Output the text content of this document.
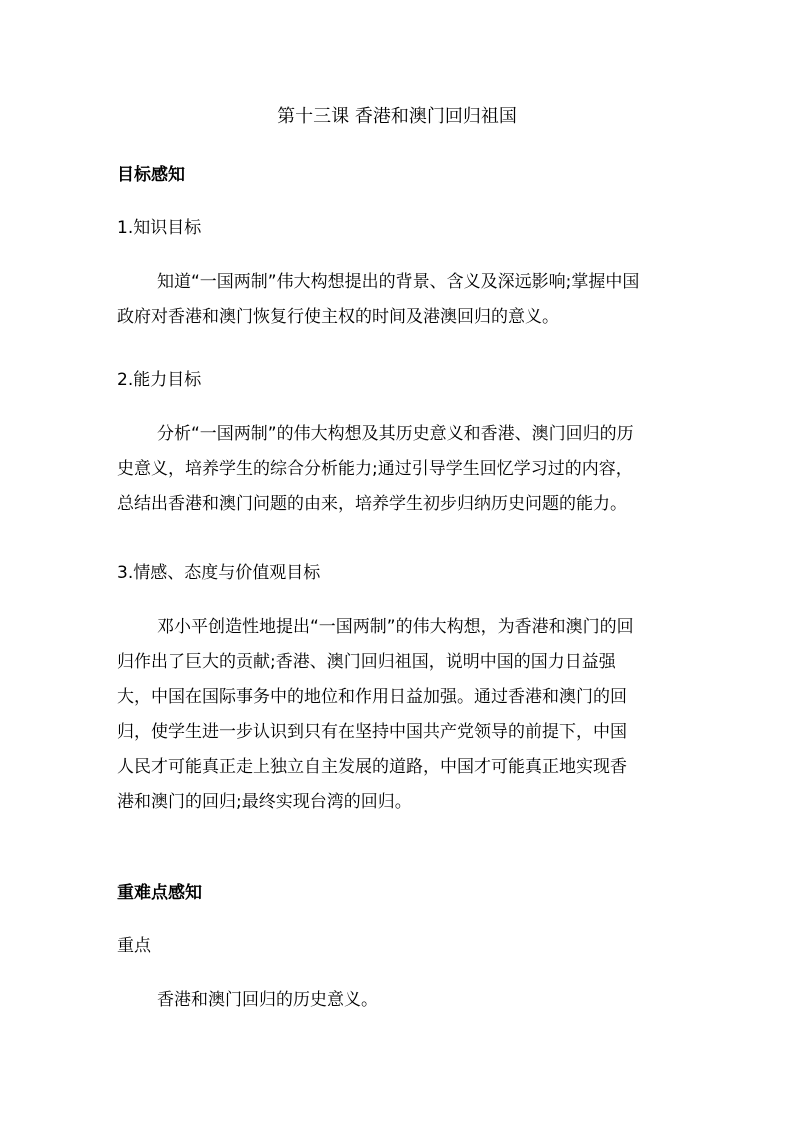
第十三课 香港和澳门回归祖国
目标感知
1.知识目标

知道“一国两制”伟大构想提出的背景、含义及深远影响;掌握中国
政府对香港和澳门恢复行使主权的时间及港澳回归的意义。

2.能力目标

分析“一国两制”的伟大构想及其历史意义和香港、澳门回归的历
史意义，培养学生的综合分析能力;通过引导学生回忆学习过的内容，
总结出香港和澳门问题的由来，培养学生初步归纳历史问题的能力。

3.情感、态度与价值观目标

邓小平创造性地提出“一国两制”的伟大构想，为香港和澳门的回
归作出了巨大的贡献;香港、澳门回归祖国，说明中国的国力日益强
大，中国在国际事务中的地位和作用日益加强。通过香港和澳门的回
归，使学生进一步认识到只有在坚持中国共产党领导的前提下，中国
人民才可能真正走上独立自主发展的道路，中国才可能真正地实现香
港和澳门的回归;最终实现台湾的回归。

重难点感知
重点

香港和澳门回归的历史意义。
